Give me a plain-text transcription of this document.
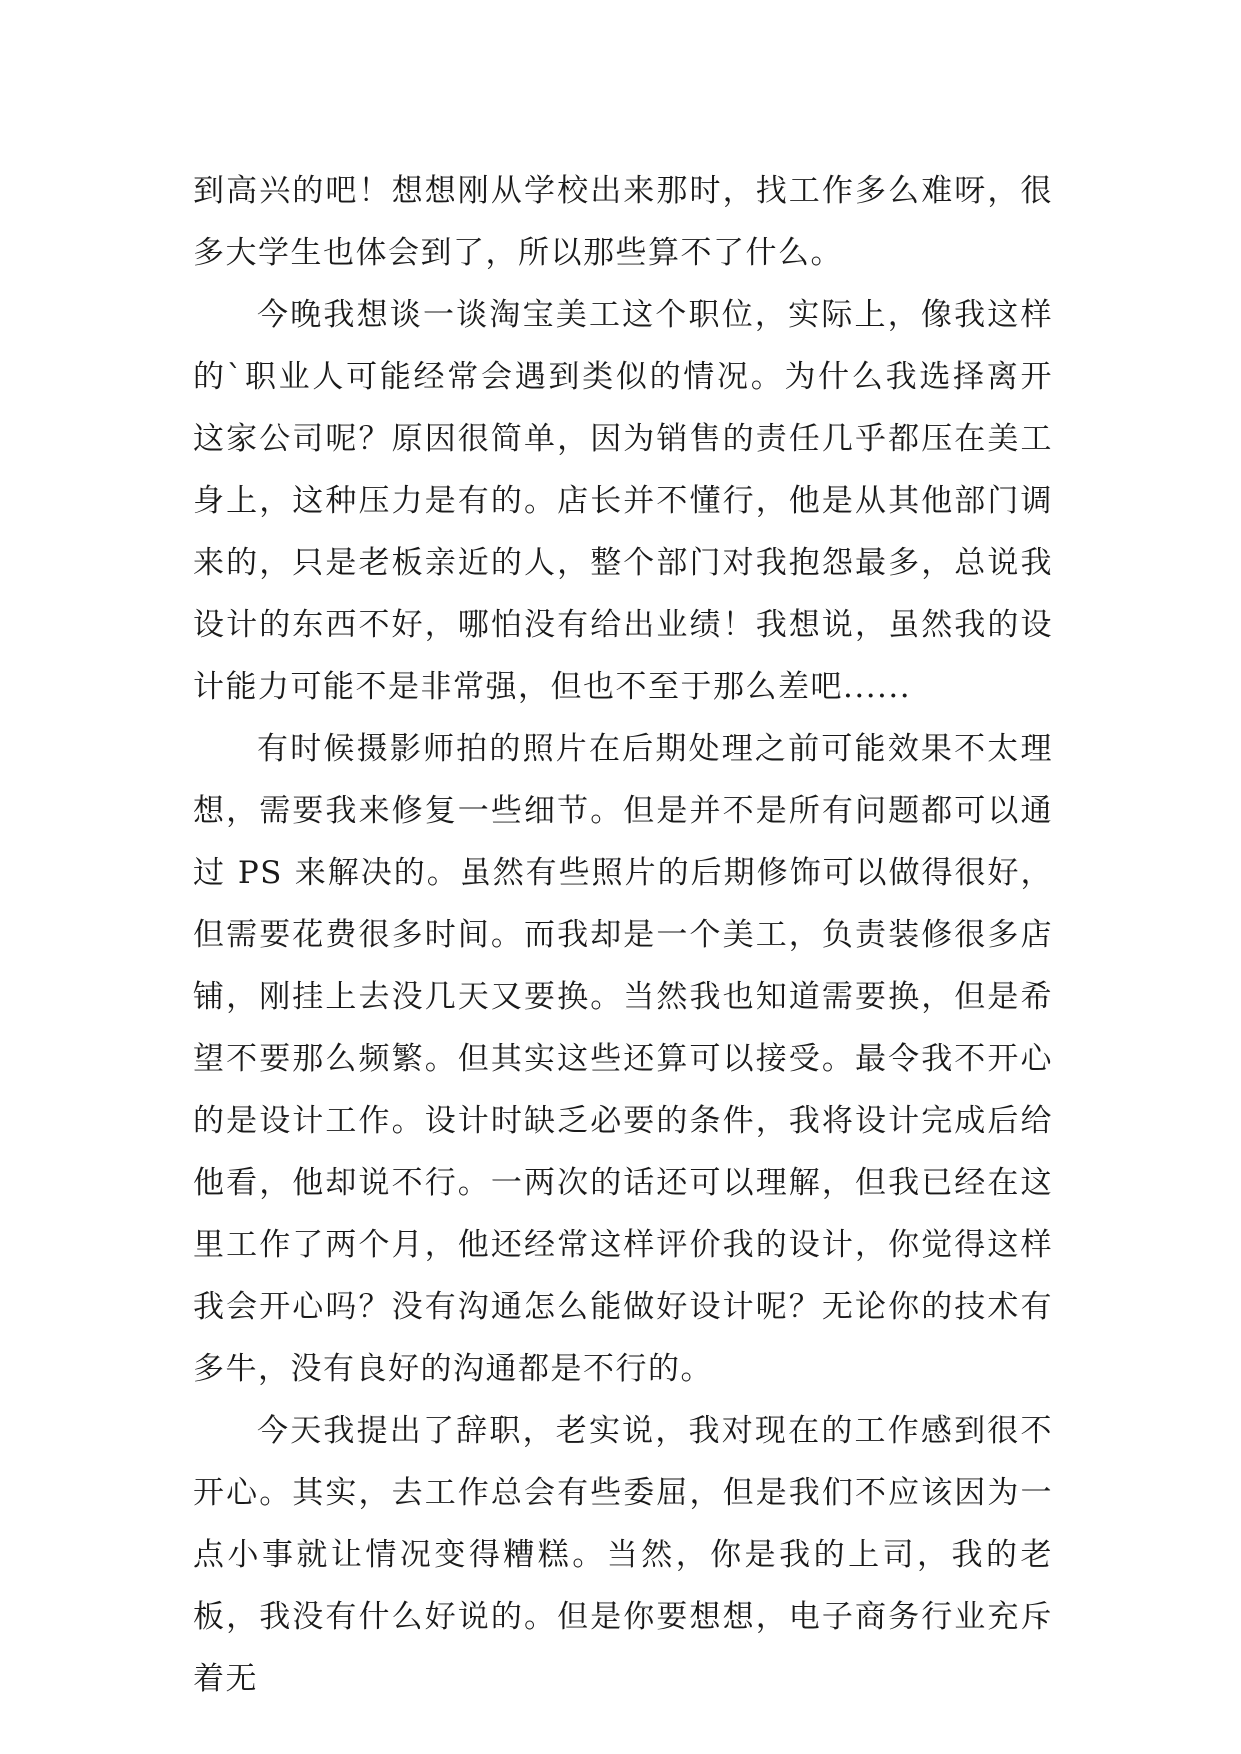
到高兴的吧！想想刚从学校出来那时，找工作多么难呀，很多大学生也体会到了，所以那些算不了什么。

今晚我想谈一谈淘宝美工这个职位，实际上，像我这样的`职业人可能经常会遇到类似的情况。为什么我选择离开这家公司呢？原因很简单，因为销售的责任几乎都压在美工身上，这种压力是有的。店长并不懂行，他是从其他部门调来的，只是老板亲近的人，整个部门对我抱怨最多，总说我设计的东西不好，哪怕没有给出业绩！我想说，虽然我的设计能力可能不是非常强，但也不至于那么差吧......

有时候摄影师拍的照片在后期处理之前可能效果不太理想，需要我来修复一些细节。但是并不是所有问题都可以通过 PS 来解决的。虽然有些照片的后期修饰可以做得很好，但需要花费很多时间。而我却是一个美工，负责装修很多店铺，刚挂上去没几天又要换。当然我也知道需要换，但是希望不要那么频繁。但其实这些还算可以接受。最令我不开心的是设计工作。设计时缺乏必要的条件，我将设计完成后给他看，他却说不行。一两次的话还可以理解，但我已经在这里工作了两个月，他还经常这样评价我的设计，你觉得这样我会开心吗？没有沟通怎么能做好设计呢？无论你的技术有多牛，没有良好的沟通都是不行的。

今天我提出了辞职，老实说，我对现在的工作感到很不开心。其实，去工作总会有些委屈，但是我们不应该因为一点小事就让情况变得糟糕。当然，你是我的上司，我的老板，我没有什么好说的。但是你要想想，电子商务行业充斥着无
